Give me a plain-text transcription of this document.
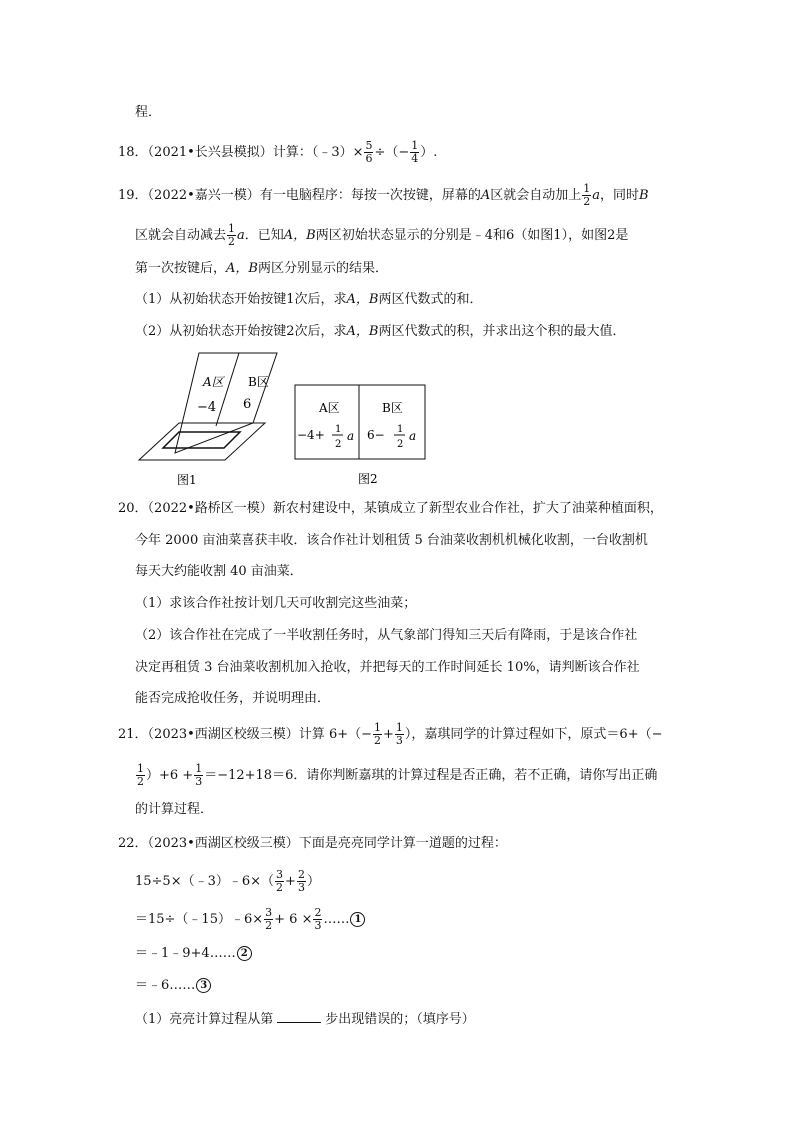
程．
18．（2021•长兴县模拟）计算：（﹣3）× $\frac{5}{6}$ ÷（− $\frac{1}{4}$ ）.
19．（2022•嘉兴一模）有一电脑程序：每按一次按键，屏幕的A区就会自动加上 $\frac{1}{2}$ a，同时B
区就会自动减去 $\frac{1}{2}$ a．已知A，B两区初始状态显示的分别是﹣4和6（如图1），如图2是
第一次按键后，A，B两区分别显示的结果．
（1）从初始状态开始按键1次后，求A，B两区代数式的和．
（2）从初始状态开始按键2次后，求A，B两区代数式的积，并求出这个积的最大值．
A区
−4
B区
6
图1
A区
−4+ 1
2
a
B区
6− 1
2
a
图2
20．（2022•路桥区一模）新农村建设中，某镇成立了新型农业合作社，扩大了油菜种植面积，
今年 2000 亩油菜喜获丰收．该合作社计划租赁 5 台油菜收割机机械化收割，一台收割机
每天大约能收割 40 亩油菜．
（1）求该合作社按计划几天可收割完这些油菜；
（2）该合作社在完成了一半收割任务时，从气象部门得知三天后有降雨，于是该合作社
决定再租赁 3 台油菜收割机加入抢收，并把每天的工作时间延长 10%，请判断该合作社
能否完成抢收任务，并说明理由．
21．（2023•西湖区校级三模）计算 $6+(- \frac{1}{2} + \frac{1}{3}$ ），嘉琪同学的计算过程如下，原式＝6+（−
$\frac{1}{2} )+6 + \frac{1}{3} =-12+18=6$．请你判断嘉琪的计算过程是否正确，若不正确，请你写出正确
的计算过程．
22．（2023•西湖区校级三模）下面是亮亮同学计算一道题的过程：
15÷5×（﹣3）﹣6×（ $\frac{3}{2} + \frac{2}{3}$ ）
＝15÷（﹣15）﹣6× $\frac{3}{2} + 6 \times \frac{2}{3}$ …… 1
＝﹣1﹣9+4…… 2
＝﹣6…… 3
（1）亮亮计算过程从第	步出现错误的；（填序号）
